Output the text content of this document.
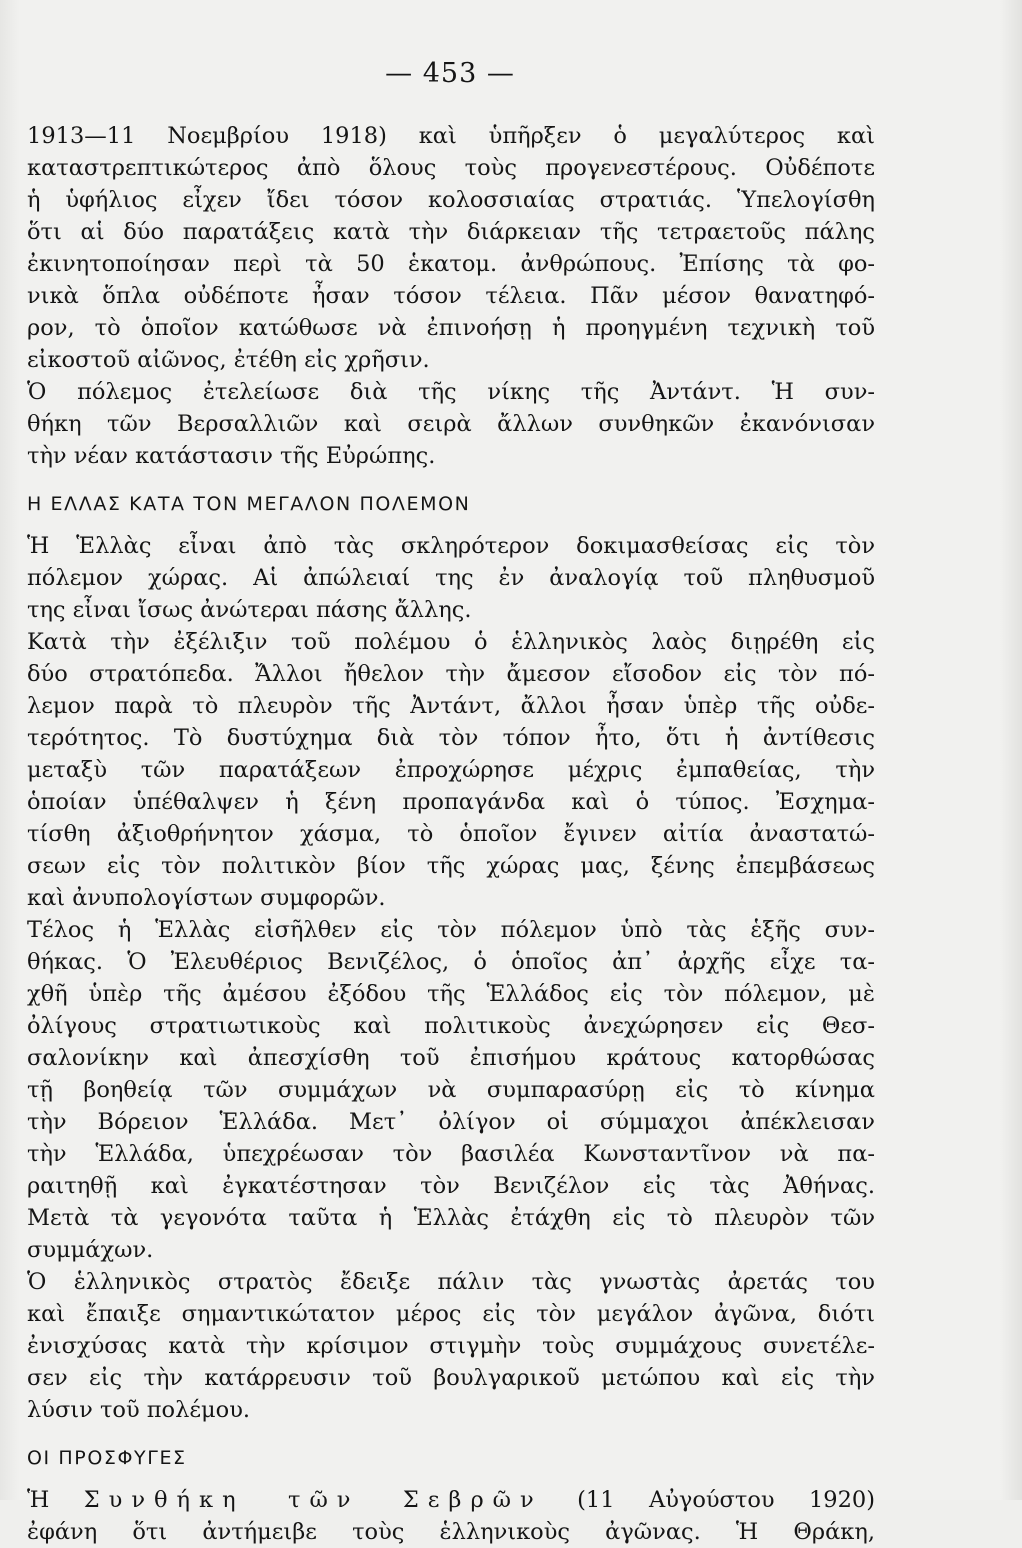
— 453 —
1913—11 Νοεμβρίου 1918) καὶ ὑπῆρξεν ὁ μεγαλύτερος καὶ
καταστρεπτικώτερος ἀπὸ ὅλους τοὺς προγενεστέρους. Οὐδέποτε
ἡ ὑφήλιος εἶχεν ἴδει τόσον κολοσσιαίας στρατιάς. Ὑπελογίσθη
ὅτι αἱ δύο παρατάξεις κατὰ τὴν διάρκειαν τῆς τετραετοῦς πάλης
ἐκινητοποίησαν περὶ τὰ 50 ἑκατομ. ἀνθρώπους. Ἐπίσης τὰ φο-
νικὰ ὅπλα οὐδέποτε ἦσαν τόσον τέλεια. Πᾶν μέσον θανατηφό-
ρον, τὸ ὁποῖον κατώθωσε νὰ ἐπινοήσῃ ἡ προηγμένη τεχνικὴ τοῦ
εἰκοστοῦ αἰῶνος, ἐτέθη εἰς χρῆσιν.
Ὁ πόλεμος ἐτελείωσε διὰ τῆς νίκης τῆς Ἀντάντ. Ἡ συν-
θήκη τῶν Βερσαλλιῶν καὶ σειρὰ ἄλλων συνθηκῶν ἐκανόνισαν
τὴν νέαν κατάστασιν τῆς Εὐρώπης.
Η ΕΛΛΑΣ ΚΑΤΑ ΤΟΝ ΜΕΓΑΛΟΝ ΠΟΛΕΜΟΝ
Ἡ Ἑλλὰς εἶναι ἀπὸ τὰς σκληρότερον δοκιμασθείσας εἰς τὸν
πόλεμον χώρας. Αἱ ἀπώλειαί της ἐν ἀναλογίᾳ τοῦ πληθυσμοῦ
της εἶναι ἴσως ἀνώτεραι πάσης ἄλλης.
Κατὰ τὴν ἐξέλιξιν τοῦ πολέμου ὁ ἑλληνικὸς λαὸς διῃρέθη εἰς
δύο στρατόπεδα. Ἄλλοι ἤθελον τὴν ἄμεσον εἴσοδον εἰς τὸν πό-
λεμον παρὰ τὸ πλευρὸν τῆς Ἀντάντ, ἄλλοι ἦσαν ὑπὲρ τῆς οὐδε-
τερότητος. Τὸ δυστύχημα διὰ τὸν τόπον ἦτο, ὅτι ἡ ἀντίθεσις
μεταξὺ τῶν παρατάξεων ἐπροχώρησε μέχρις ἐμπαθείας, τὴν
ὁποίαν ὑπέθαλψεν ἡ ξένη προπαγάνδα καὶ ὁ τύπος. Ἐσχημα-
τίσθη ἀξιοθρήνητον χάσμα, τὸ ὁποῖον ἔγινεν αἰτία ἀναστατώ-
σεων εἰς τὸν πολιτικὸν βίον τῆς χώρας μας, ξένης ἐπεμβάσεως
καὶ ἀνυπολογίστων συμφορῶν.
Τέλος ἡ Ἑλλὰς εἰσῆλθεν εἰς τὸν πόλεμον ὑπὸ τὰς ἑξῆς συν-
θήκας. Ὁ Ἐλευθέριος Βενιζέλος, ὁ ὁποῖος ἀπ᾿ ἀρχῆς εἶχε τα-
χθῆ ὑπὲρ τῆς ἀμέσου ἐξόδου τῆς Ἑλλάδος εἰς τὸν πόλεμον, μὲ
ὀλίγους στρατιωτικοὺς καὶ πολιτικοὺς ἀνεχώρησεν εἰς Θεσ-
σαλονίκην καὶ ἀπεσχίσθη τοῦ ἐπισήμου κράτους κατορθώσας
τῇ βοηθείᾳ τῶν συμμάχων νὰ συμπαρασύρῃ εἰς τὸ κίνημα
τὴν Βόρειον Ἑλλάδα. Μετ᾿ ὀλίγον οἱ σύμμαχοι ἀπέκλεισαν
τὴν Ἑλλάδα, ὑπεχρέωσαν τὸν βασιλέα Κωνσταντῖνον νὰ πα-
ραιτηθῇ καὶ ἐγκατέστησαν τὸν Βενιζέλον εἰς τὰς Ἀθήνας.
Μετὰ τὰ γεγονότα ταῦτα ἡ Ἑλλὰς ἐτάχθη εἰς τὸ πλευρὸν τῶν
συμμάχων.
Ὁ ἑλληνικὸς στρατὸς ἔδειξε πάλιν τὰς γνωστὰς ἀρετάς του
καὶ ἔπαιξε σημαντικώτατον μέρος εἰς τὸν μεγάλον ἀγῶνα, διότι
ἐνισχύσας κατὰ τὴν κρίσιμον στιγμὴν τοὺς συμμάχους συνετέλε-
σεν εἰς τὴν κατάρρευσιν τοῦ βουλγαρικοῦ μετώπου καὶ εἰς τὴν
λύσιν τοῦ πολέμου.
ΟΙ ΠΡΟΣΦΥΓΕΣ
Ἡ Συνθήκη τῶν Σεβρῶν (11 Αὐγούστου 1920)
ἐφάνη ὅτι ἀντήμειβε τοὺς ἑλληνικοὺς ἀγῶνας. Ἡ Θράκη,
